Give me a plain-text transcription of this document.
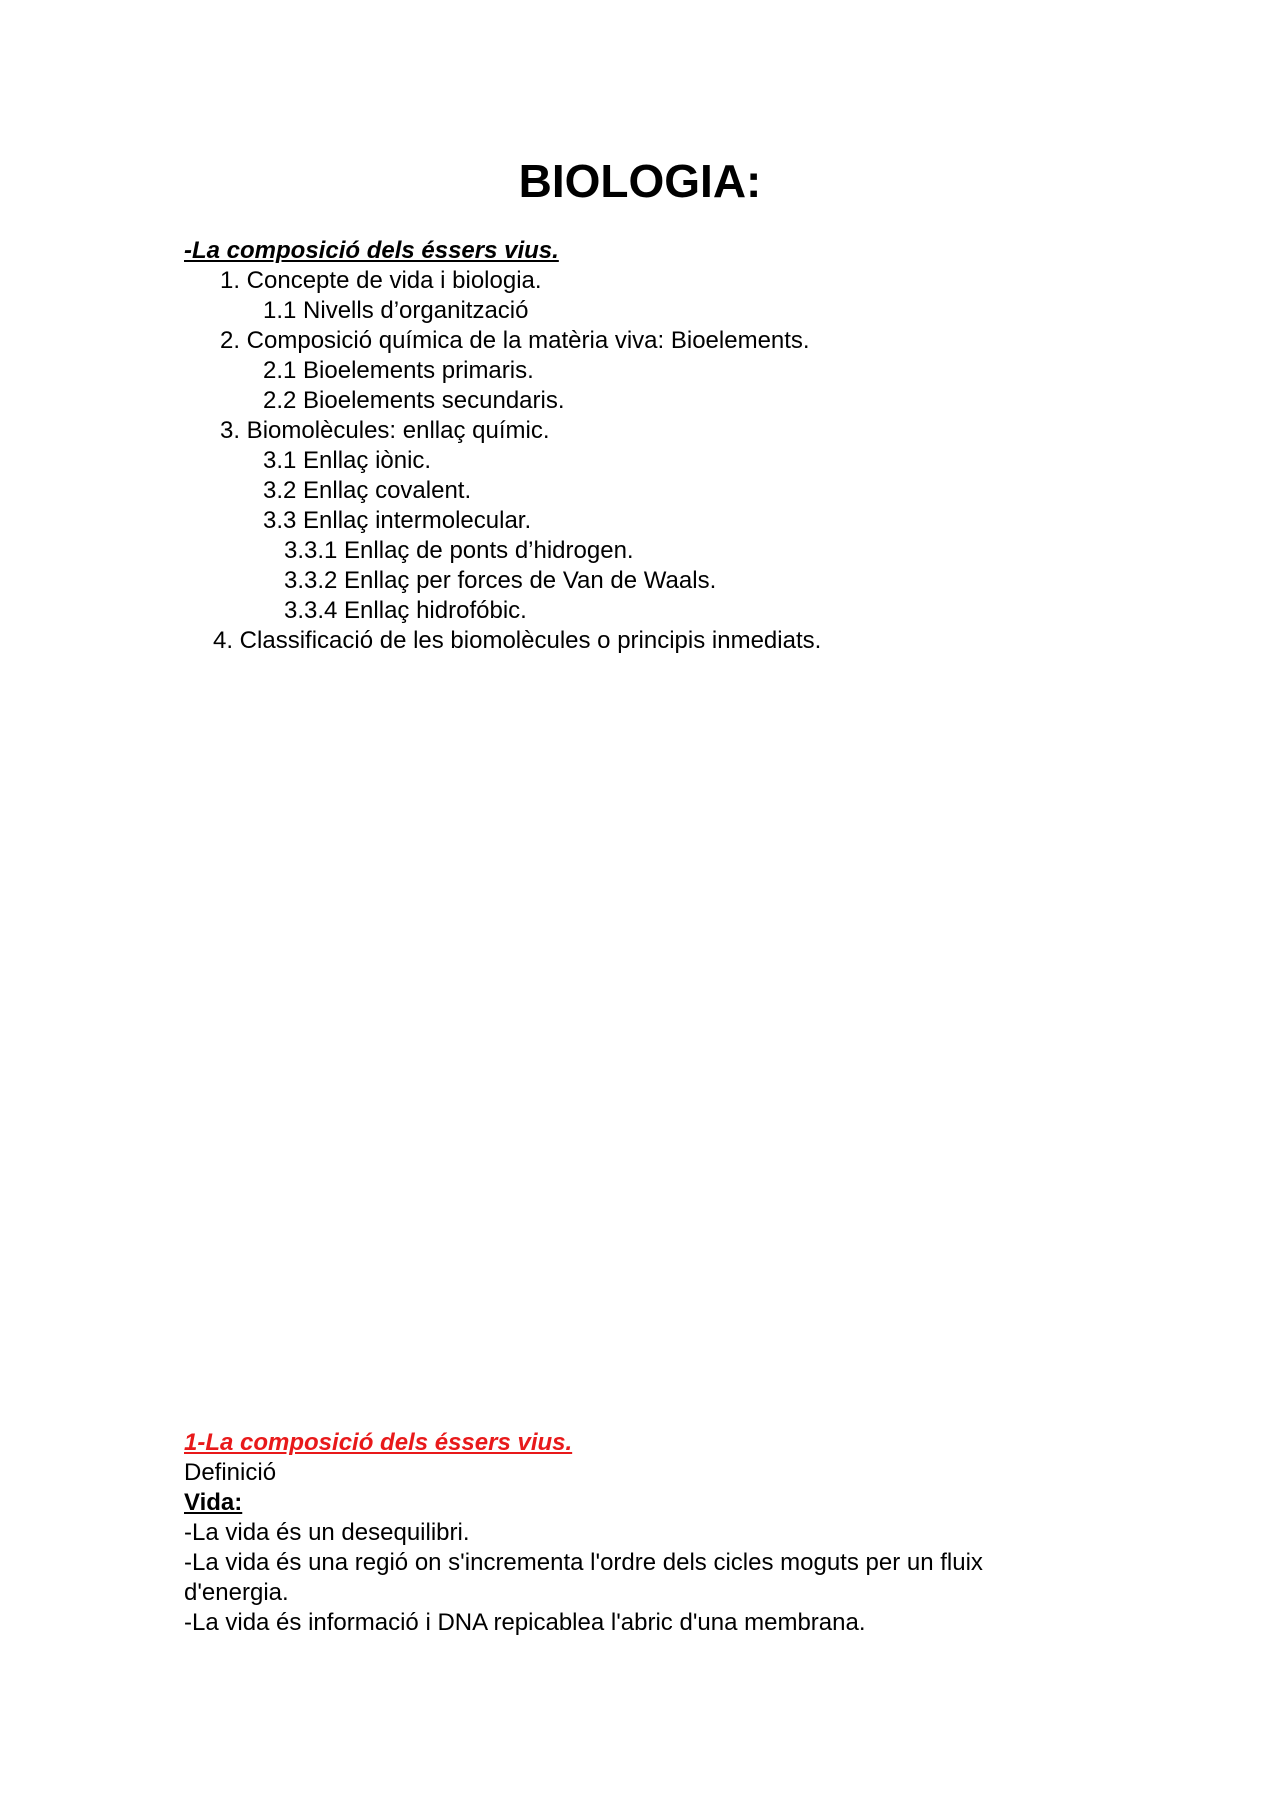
BIOLOGIA:
-La composició dels éssers vius.
1. Concepte de vida i biologia.
1.1 Nivells d’organització
2. Composició química de la matèria viva: Bioelements.
2.1 Bioelements primaris.
2.2 Bioelements secundaris.
3. Biomolècules: enllaç químic.
3.1 Enllaç iònic.
3.2 Enllaç covalent.
3.3 Enllaç intermolecular.
3.3.1 Enllaç de ponts d’hidrogen.
3.3.2 Enllaç per forces de Van de Waals.
3.3.4 Enllaç hidrofóbic.
4. Classificació de les biomolècules o principis inmediats.
1-La composició dels éssers vius.
Definició
Vida:
-La vida és un desequilibri.
-La vida és una regió on s'incrementa l'ordre dels cicles moguts per un fluix d'energia.
-La vida és informació i DNA repicablea l'abric d'una membrana.
